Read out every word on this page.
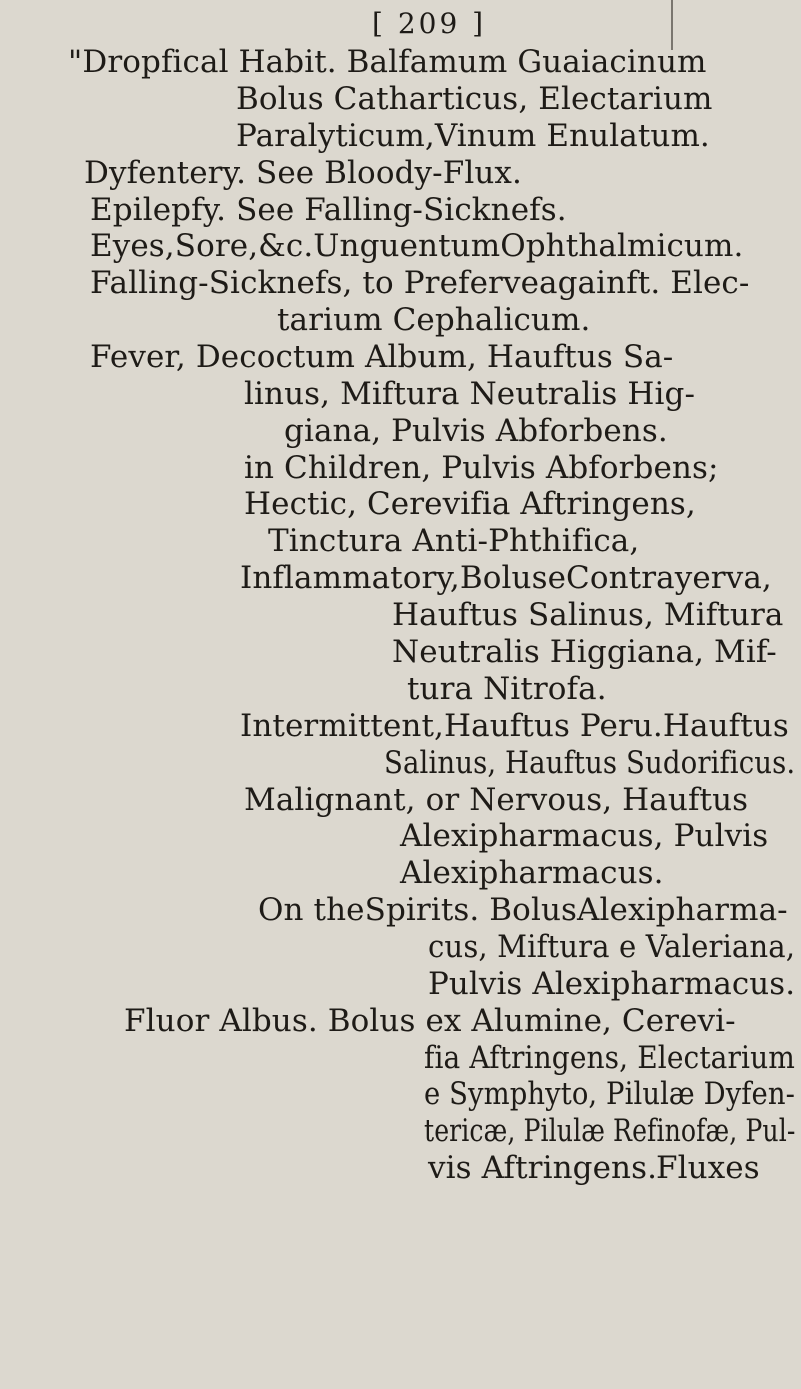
[ 209 ]
"Dropfical Habit. Balfamum Guaiacinum
Bolus Catharticus, Electarium
Paralyticum,Vinum Enulatum.
Dyfentery. See Bloody-Flux.
Epilepfy. See Falling-Sicknefs.
Eyes,Sore,&c.UnguentumOphthalmicum.
Falling-Sicknefs, to Preferveagainft. Elec-
tarium Cephalicum.
Fever, Decoctum Album, Hauftus Sa-
linus, Miftura Neutralis Hig-
giana, Pulvis Abforbens.
in Children, Pulvis Abforbens;
Hectic, Cerevifia Aftringens,
Tinctura Anti-Phthifica,
Inflammatory,BoluseContrayerva,
Hauftus Salinus, Miftura
Neutralis Higgiana, Mif-
tura Nitrofa.
Intermittent,Hauftus Peru.Hauftus
Salinus, Hauftus Sudorificus.
Malignant, or Nervous, Hauftus
Alexipharmacus, Pulvis
Alexipharmacus.
On theSpirits. BolusAlexipharma-
cus, Miftura e Valeriana,
Pulvis Alexipharmacus.
Fluor Albus. Bolus ex Alumine, Cerevi-
fia Aftringens, Electarium
e Symphyto, Pilulæ Dyfen-
tericæ, Pilulæ Refinofæ, Pul-
vis Aftringens.
Fluxes
